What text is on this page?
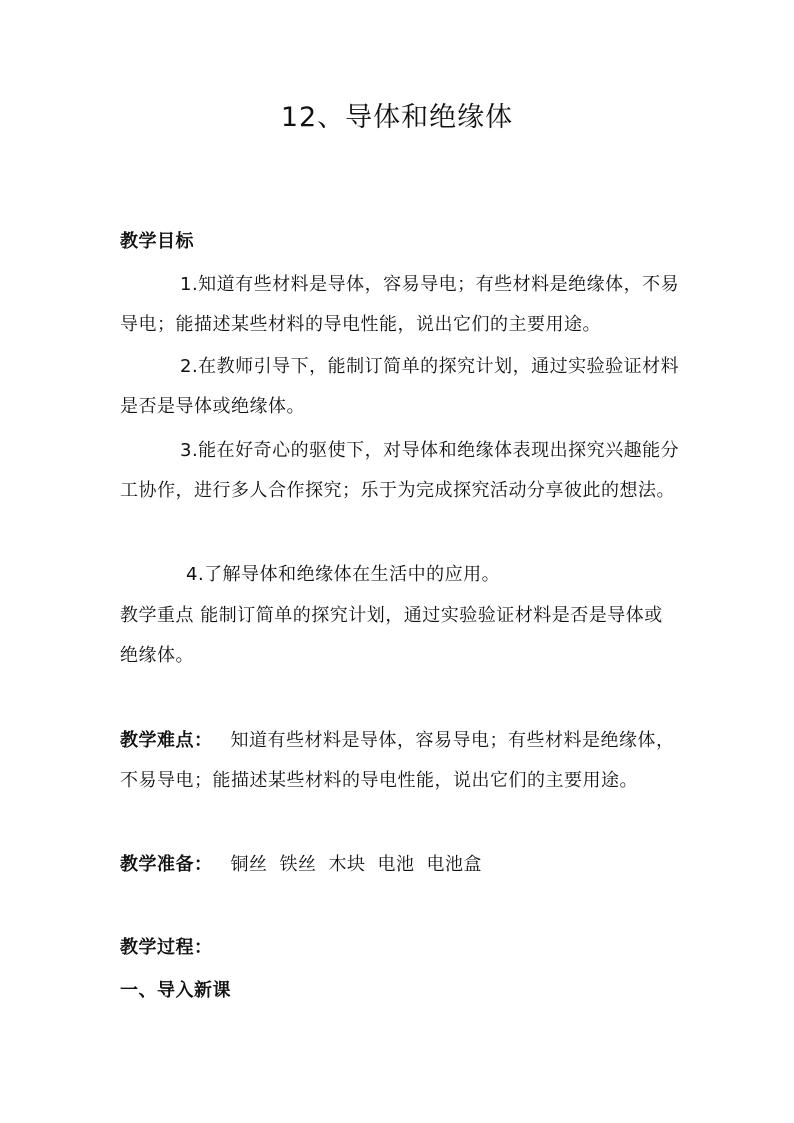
12、导体和绝缘体
教学目标
1.知道有些材料是导体，容易导电；有些材料是绝缘体，不易导电；能描述某些材料的导电性能，说出它们的主要用途。
2.在教师引导下，能制订简单的探究计划，通过实验验证材料是否是导体或绝缘体。
3.能在好奇心的驱使下，对导体和绝缘体表现出探究兴趣能分工协作，进行多人合作探究；乐于为完成探究活动分享彼此的想法。
4.了解导体和绝缘体在生活中的应用。
教学重点 能制订简单的探究计划，通过实验验证材料是否是导体或绝缘体。
教学难点： 知道有些材料是导体，容易导电；有些材料是绝缘体，不易导电；能描述某些材料的导电性能，说出它们的主要用途。
教学准备： 铜丝 铁丝 木块 电池 电池盒
教学过程：
一、导入新课
